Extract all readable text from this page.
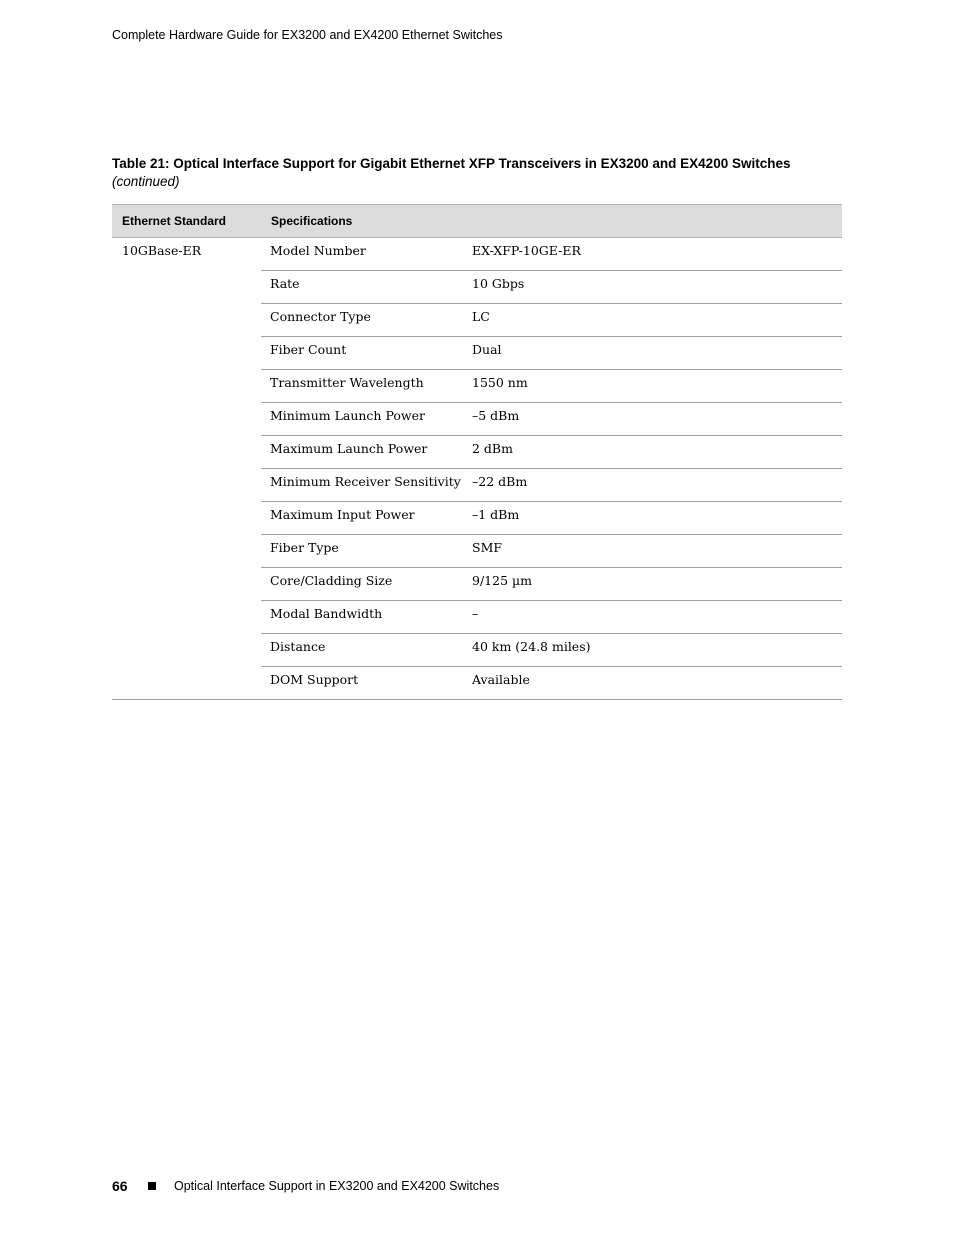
Complete Hardware Guide for EX3200 and EX4200 Ethernet Switches
Table 21: Optical Interface Support for Gigabit Ethernet XFP Transceivers in EX3200 and EX4200 Switches (continued)
Ethernet Standard	Specifications	
10GBase-ER	Model Number	EX-XFP-10GE-ER
	Rate	10 Gbps
	Connector Type	LC
	Fiber Count	Dual
	Transmitter Wavelength	1550 nm
	Minimum Launch Power	–5 dBm
	Maximum Launch Power	2 dBm
	Minimum Receiver Sensitivity	–22 dBm
	Maximum Input Power	–1 dBm
	Fiber Type	SMF
	Core/Cladding Size	9/125 µm
	Modal Bandwidth	–
	Distance	40 km (24.8 miles)
	DOM Support	Available
66	Optical Interface Support in EX3200 and EX4200 Switches
